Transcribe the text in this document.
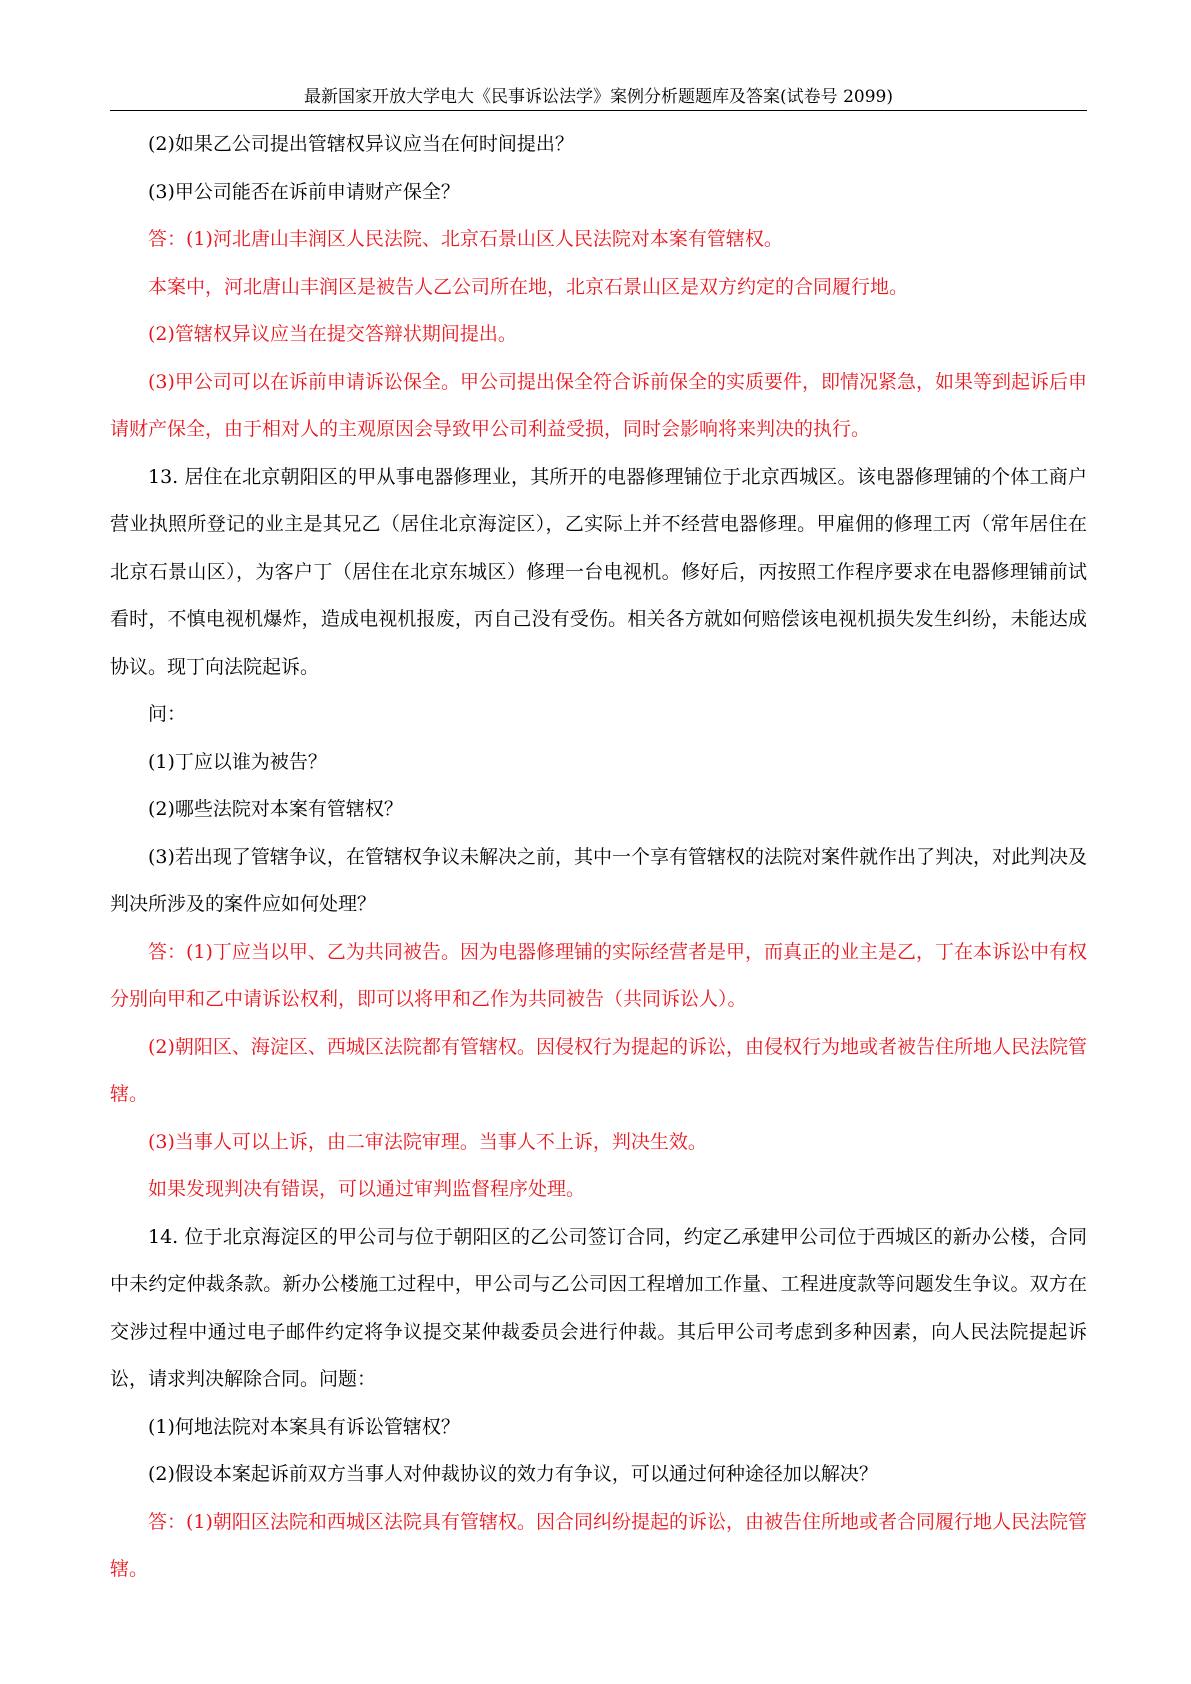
最新国家开放大学电大《民事诉讼法学》案例分析题题库及答案(试卷号 2099)

(2)如果乙公司提出管辖权异议应当在何时间提出？

(3)甲公司能否在诉前申请财产保全？

答：(1)河北唐山丰润区人民法院、北京石景山区人民法院对本案有管辖权。

本案中，河北唐山丰润区是被告人乙公司所在地，北京石景山区是双方约定的合同履行地。

(2)管辖权异议应当在提交答辩状期间提出。

(3)甲公司可以在诉前申请诉讼保全。甲公司提出保全符合诉前保全的实质要件，即情况紧急，如果等到起诉后申请财产保全，由于相对人的主观原因会导致甲公司利益受损，同时会影响将来判决的执行。

13. 居住在北京朝阳区的甲从事电器修理业，其所开的电器修理铺位于北京西城区。该电器修理铺的个体工商户营业执照所登记的业主是其兄乙（居住北京海淀区），乙实际上并不经营电器修理。甲雇佣的修理工丙（常年居住在北京石景山区），为客户丁（居住在北京东城区）修理一台电视机。修好后，丙按照工作程序要求在电器修理铺前试看时，不慎电视机爆炸，造成电视机报废，丙自己没有受伤。相关各方就如何赔偿该电视机损失发生纠纷，未能达成协议。现丁向法院起诉。

问：

(1)丁应以谁为被告？

(2)哪些法院对本案有管辖权？

(3)若出现了管辖争议，在管辖权争议未解决之前，其中一个享有管辖权的法院对案件就作出了判决，对此判决及判决所涉及的案件应如何处理？

答：(1)丁应当以甲、乙为共同被告。因为电器修理铺的实际经营者是甲，而真正的业主是乙，丁在本诉讼中有权分别向甲和乙中请诉讼权利，即可以将甲和乙作为共同被告（共同诉讼人）。

(2)朝阳区、海淀区、西城区法院都有管辖权。因侵权行为提起的诉讼，由侵权行为地或者被告住所地人民法院管辖。

(3)当事人可以上诉，由二审法院审理。当事人不上诉，判决生效。

如果发现判决有错误，可以通过审判监督程序处理。

14. 位于北京海淀区的甲公司与位于朝阳区的乙公司签订合同，约定乙承建甲公司位于西城区的新办公楼，合同中未约定仲裁条款。新办公楼施工过程中，甲公司与乙公司因工程增加工作量、工程进度款等问题发生争议。双方在交涉过程中通过电子邮件约定将争议提交某仲裁委员会进行仲裁。其后甲公司考虑到多种因素，向人民法院提起诉讼，请求判决解除合同。问题：

(1)何地法院对本案具有诉讼管辖权？

(2)假设本案起诉前双方当事人对仲裁协议的效力有争议，可以通过何种途径加以解决？

答：(1)朝阳区法院和西城区法院具有管辖权。因合同纠纷提起的诉讼，由被告住所地或者合同履行地人民法院管辖。
